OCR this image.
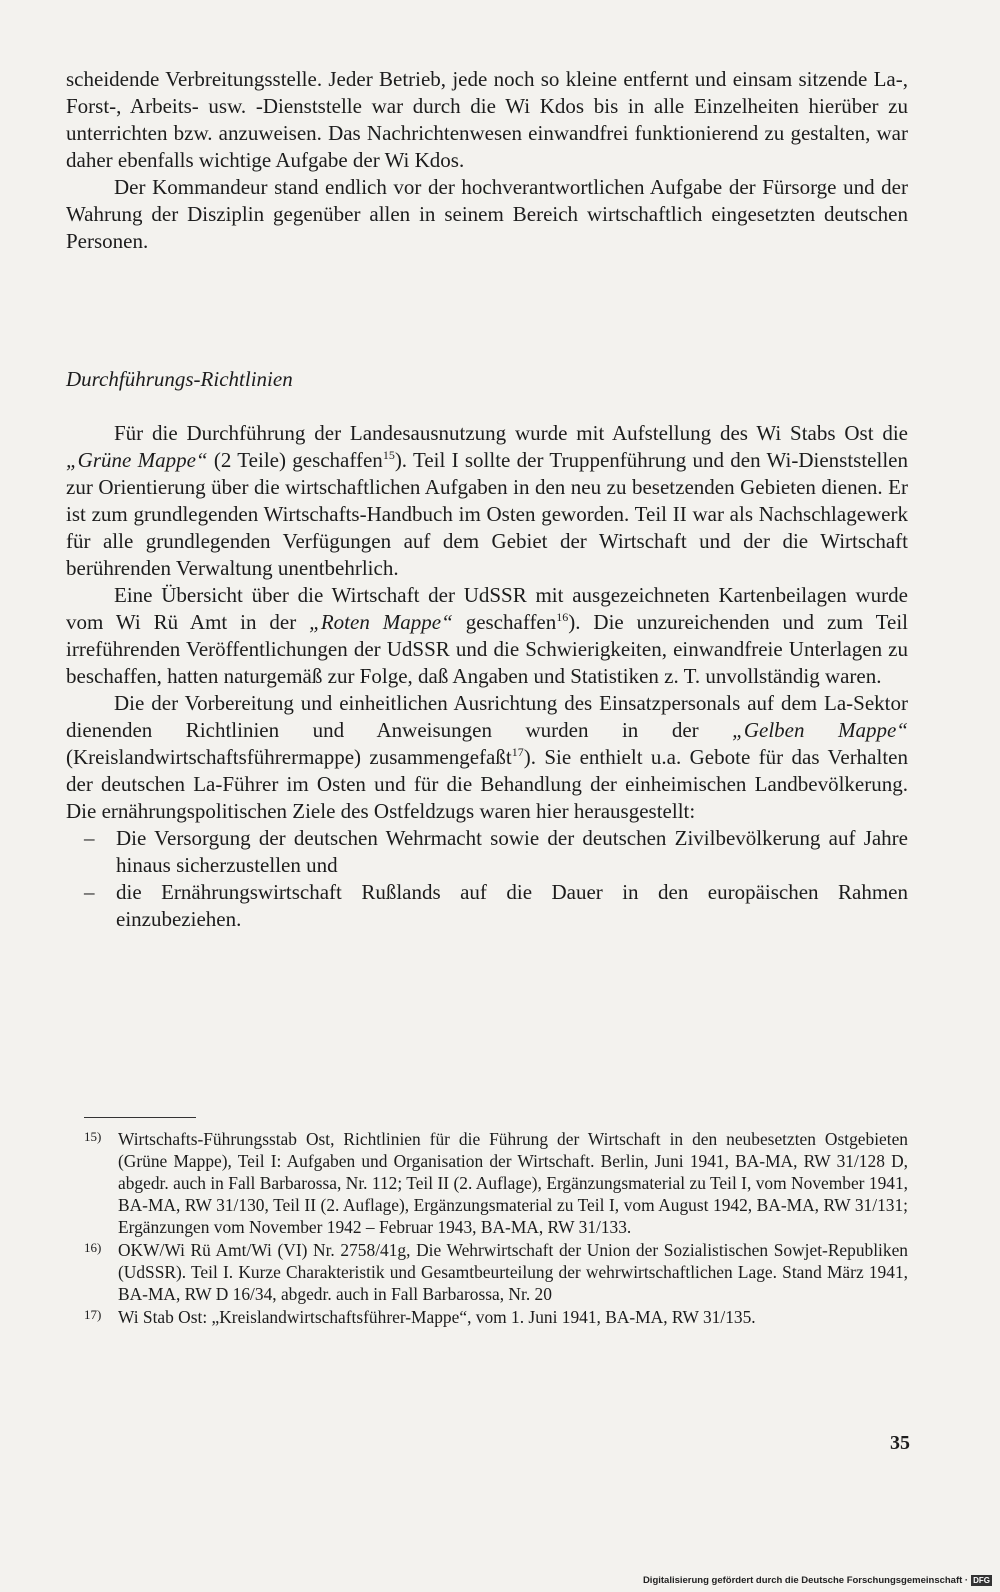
scheidende Verbreitungsstelle. Jeder Betrieb, jede noch so kleine entfernt und einsam sitzende La-, Forst-, Arbeits- usw. -Dienststelle war durch die Wi Kdos bis in alle Einzelheiten hierüber zu unterrichten bzw. anzuweisen. Das Nachrichtenwesen einwandfrei funktionierend zu gestalten, war daher ebenfalls wichtige Aufgabe der Wi Kdos.

Der Kommandeur stand endlich vor der hochverantwortlichen Aufgabe der Fürsorge und der Wahrung der Disziplin gegenüber allen in seinem Bereich wirtschaftlich eingesetzten deutschen Personen.

Durchführungs-Richtlinien

Für die Durchführung der Landesausnutzung wurde mit Aufstellung des Wi Stabs Ost die „Grüne Mappe“ (2 Teile) geschaffen$^{15}$). Teil I sollte der Truppenführung und den Wi-Dienststellen zur Orientierung über die wirtschaftlichen Aufgaben in den neu zu besetzenden Gebieten dienen. Er ist zum grundlegenden Wirtschafts-Handbuch im Osten geworden. Teil II war als Nachschlagewerk für alle grundlegenden Verfügungen auf dem Gebiet der Wirtschaft und der die Wirtschaft berührenden Verwaltung unentbehrlich.

Eine Übersicht über die Wirtschaft der UdSSR mit ausgezeichneten Kartenbeilagen wurde vom Wi Rü Amt in der „Roten Mappe“ geschaffen$^{16}$). Die unzureichenden und zum Teil irreführenden Veröffentlichungen der UdSSR und die Schwierigkeiten, einwandfreie Unterlagen zu beschaffen, hatten naturgemäß zur Folge, daß Angaben und Statistiken z. T. unvollständig waren.

Die der Vorbereitung und einheitlichen Ausrichtung des Einsatzpersonals auf dem La-Sektor dienenden Richtlinien und Anweisungen wurden in der „Gelben Mappe“ (Kreislandwirtschaftsführermappe) zusammengefaßt$^{17}$). Sie enthielt u.a. Gebote für das Verhalten der deutschen La-Führer im Osten und für die Behandlung der einheimischen Landbevölkerung. Die ernährungspolitischen Ziele des Ostfeldzugs waren hier herausgestellt:

– Die Versorgung der deutschen Wehrmacht sowie der deutschen Zivilbevölkerung auf Jahre hinaus sicherzustellen und
– die Ernährungswirtschaft Rußlands auf die Dauer in den europäischen Rahmen einzubeziehen.

15) Wirtschafts-Führungsstab Ost, Richtlinien für die Führung der Wirtschaft in den neubesetzten Ostgebieten (Grüne Mappe), Teil I: Aufgaben und Organisation der Wirtschaft. Berlin, Juni 1941, BA-MA, RW 31/128 D, abgedr. auch in Fall Barbarossa, Nr. 112; Teil II (2. Auflage), Ergänzungsmaterial zu Teil I, vom November 1941, BA-MA, RW 31/130, Teil II (2. Auflage), Ergänzungsmaterial zu Teil I, vom August 1942, BA-MA, RW 31/131; Ergänzungen vom November 1942 – Februar 1943, BA-MA, RW 31/133.

16) OKW/Wi Rü Amt/Wi (VI) Nr. 2758/41g, Die Wehrwirtschaft der Union der Sozialistischen Sowjet-Republiken (UdSSR). Teil I. Kurze Charakteristik und Gesamtbeurteilung der wehrwirtschaftlichen Lage. Stand März 1941, BA-MA, RW D 16/34, abgedr. auch in Fall Barbarossa, Nr. 20

17) Wi Stab Ost: „Kreislandwirtschaftsführer-Mappe“, vom 1. Juni 1941, BA-MA, RW 31/135.

35
Digitalisierung gefördert durch die Deutsche Forschungsgemeinschaft · DFG
